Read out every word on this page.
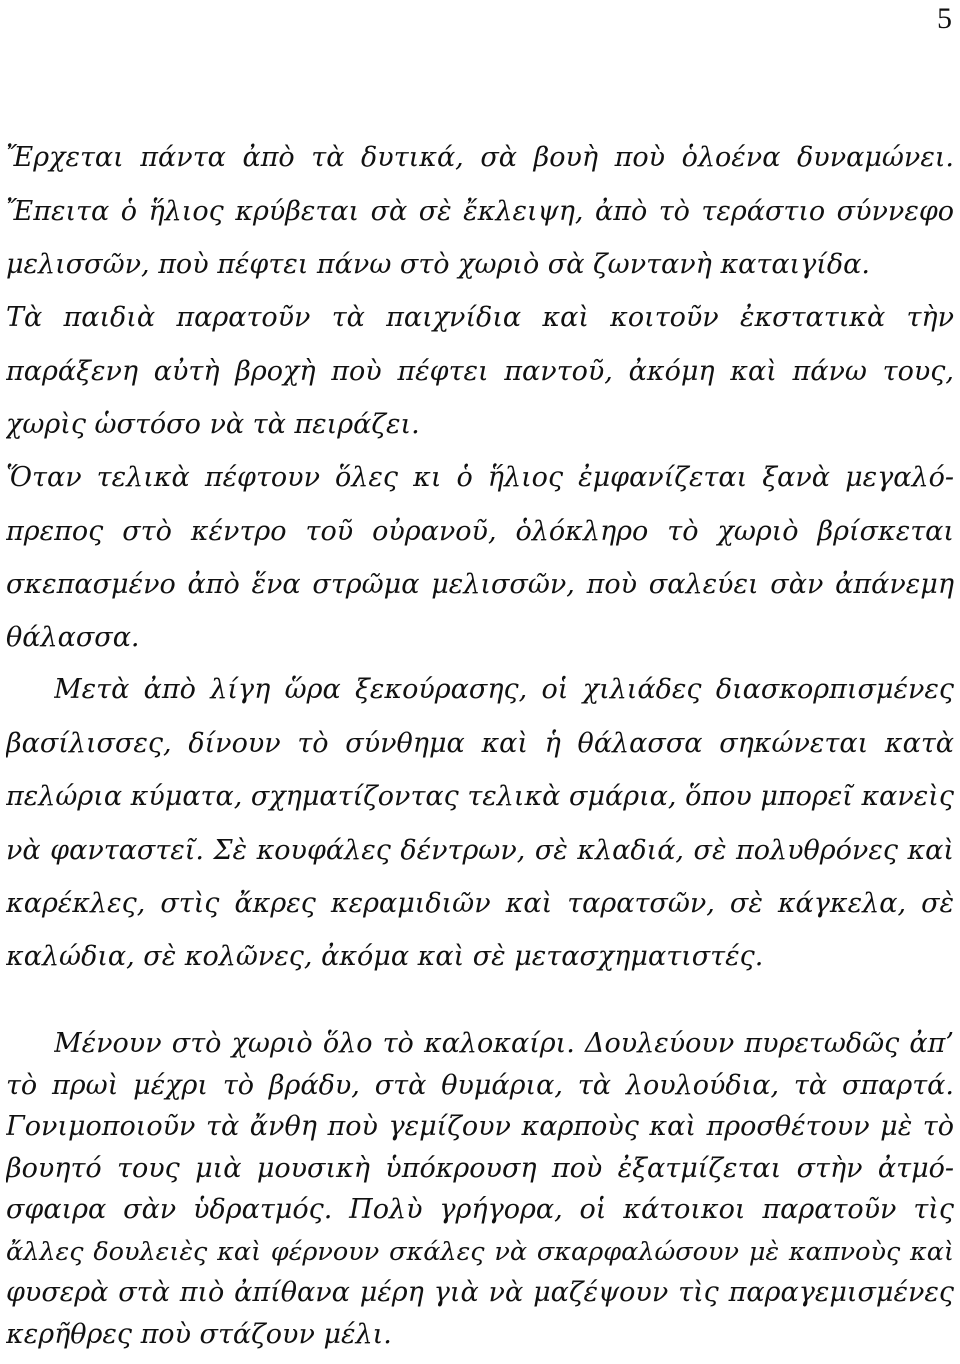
5
Ἔρχεται πάντα ἀπὸ τὰ δυτικά, σὰ βουὴ ποὺ ὁλοένα δυναμώνει.
Ἔπειτα ὁ ἥλιος κρύβεται σὰ σὲ ἔκλειψη, ἀπὸ τὸ τεράστιο σύννεφο
μελισσῶν, ποὺ πέφτει πάνω στὸ χωριὸ σὰ ζωντανὴ καταιγίδα.
Τὰ παιδιὰ παρατοῦν τὰ παιχνίδια καὶ κοιτοῦν ἐκστατικὰ τὴν
παράξενη αὐτὴ βροχὴ ποὺ πέφτει παντοῦ, ἀκόμη καὶ πάνω τους,
χωρὶς ὡστόσο νὰ τὰ πειράζει.
Ὅταν τελικὰ πέφτουν ὅλες κι ὁ ἥλιος ἐμφανίζεται ξανὰ μεγαλό-
πρεπος στὸ κέντρο τοῦ οὐρανοῦ, ὁλόκληρο τὸ χωριὸ βρίσκεται
σκεπασμένο ἀπὸ ἕνα στρῶμα μελισσῶν, ποὺ σαλεύει σὰν ἀπάνεμη
θάλασσα.
Μετὰ ἀπὸ λίγη ὥρα ξεκούρασης, οἱ χιλιάδες διασκορπισμένες
βασίλισσες, δίνουν τὸ σύνθημα καὶ ἡ θάλασσα σηκώνεται κατὰ
πελώρια κύματα, σχηματίζοντας τελικὰ σμάρια, ὅπου μπορεῖ κανεὶς
νὰ φανταστεῖ. Σὲ κουφάλες δέντρων, σὲ κλαδιά, σὲ πολυθρόνες καὶ
καρέκλες, στὶς ἄκρες κεραμιδιῶν καὶ ταρατσῶν, σὲ κάγκελα, σὲ
καλώδια, σὲ κολῶνες, ἀκόμα καὶ σὲ μετασχηματιστές.
Μένουν στὸ χωριὸ ὅλο τὸ καλοκαίρι. Δουλεύουν πυρετωδῶς ἀπ’
τὸ πρωὶ μέχρι τὸ βράδυ, στὰ θυμάρια, τὰ λουλούδια, τὰ σπαρτά.
Γονιμοποιοῦν τὰ ἄνθη ποὺ γεμίζουν καρποὺς καὶ προσθέτουν μὲ τὸ
βουητό τους μιὰ μουσικὴ ὑπόκρουση ποὺ ἐξατμίζεται στὴν ἀτμό-
σφαιρα σὰν ὑδρατμός. Πολὺ γρήγορα, οἱ κάτοικοι παρατοῦν τὶς
ἄλλες δουλειὲς καὶ φέρνουν σκάλες νὰ σκαρφαλώσουν μὲ καπνοὺς καὶ
φυσερὰ στὰ πιὸ ἀπίθανα μέρη γιὰ νὰ μαζέψουν τὶς παραγεμισμένες
κερῆθρες ποὺ στάζουν μέλι.
